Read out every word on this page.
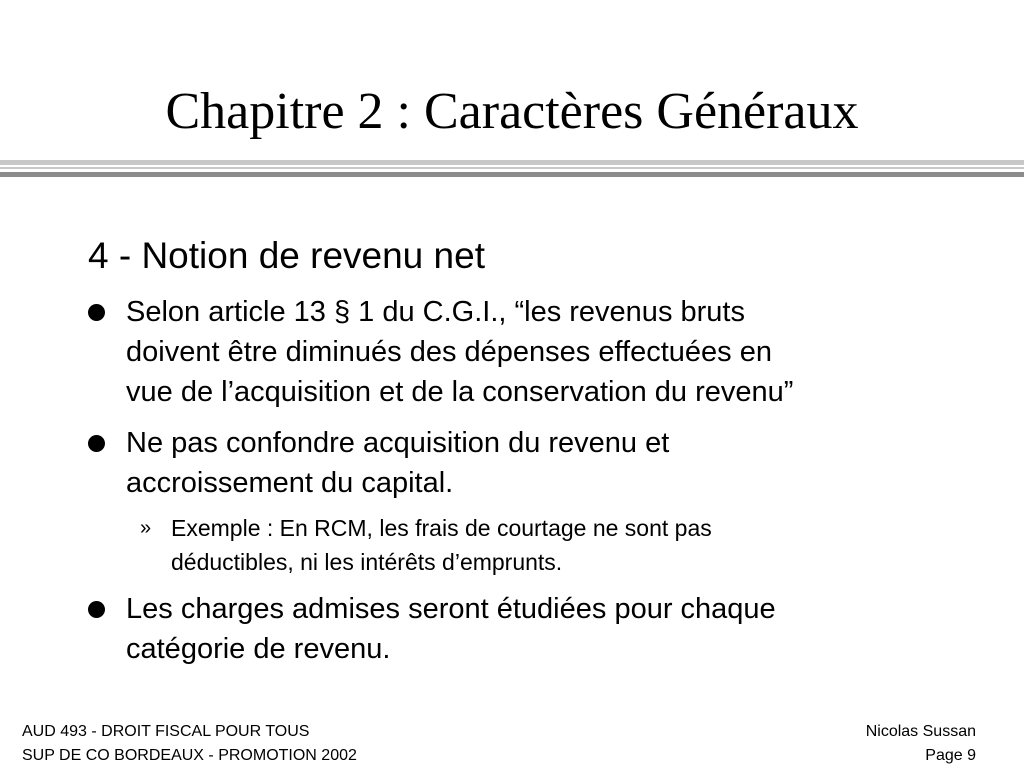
Chapitre 2 : Caractères Généraux
4 - Notion de revenu net
Selon article 13 § 1 du C.G.I., “les revenus bruts
doivent être diminués des dépenses effectuées en
vue de l’acquisition et de la conservation du revenu”
Ne pas confondre acquisition du revenu et
accroissement du capital.
» Exemple : En RCM, les frais de courtage ne sont pas
déductibles, ni les intérêts d’emprunts.
Les charges admises seront étudiées pour chaque
catégorie de revenu.
AUD 493 - DROIT FISCAL POUR TOUS
SUP DE CO BORDEAUX - PROMOTION 2002
Nicolas Sussan
Page 9
